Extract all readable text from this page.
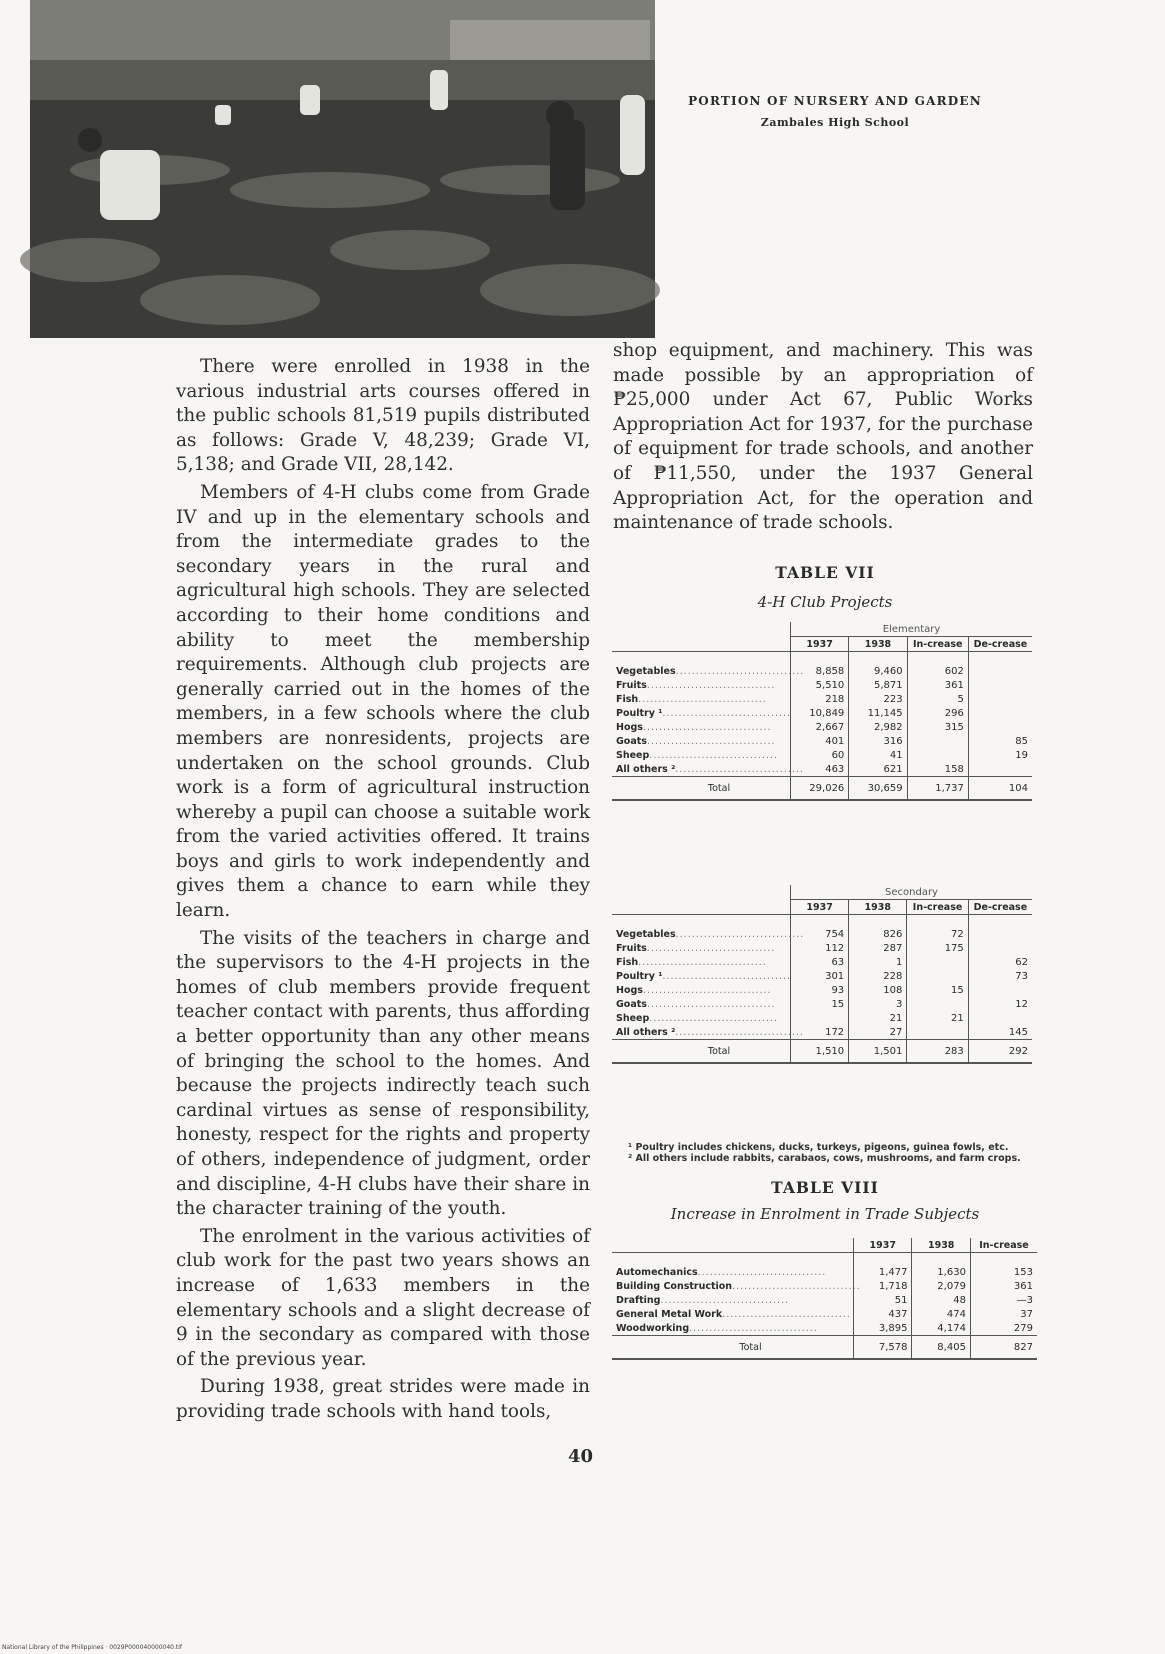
PORTION OF NURSERY AND GARDEN
Zambales High School

There were enrolled in 1938 in the various industrial arts courses offered in the public schools 81,519 pupils distributed as follows: Grade V, 48,239; Grade VI, 5,138; and Grade VII, 28,142.

Members of 4-H clubs come from Grade IV and up in the elementary schools and from the intermediate grades to the secondary years in the rural and agricultural high schools. They are selected according to their home conditions and ability to meet the membership requirements. Although club projects are generally carried out in the homes of the members, in a few schools where the club members are nonresidents, projects are undertaken on the school grounds. Club work is a form of agricultural instruction whereby a pupil can choose a suitable work from the varied activities offered. It trains boys and girls to work independently and gives them a chance to earn while they learn.

The visits of the teachers in charge and the supervisors to the 4-H projects in the homes of club members provide frequent teacher contact with parents, thus affording a better opportunity than any other means of bringing the school to the homes. And because the projects indirectly teach such cardinal virtues as sense of responsibility, honesty, respect for the rights and property of others, independence of judgment, order and discipline, 4-H clubs have their share in the character training of the youth.

The enrolment in the various activities of club work for the past two years shows an increase of 1,633 members in the elementary schools and a slight decrease of 9 in the secondary as compared with those of the previous year.

During 1938, great strides were made in providing trade schools with hand tools,

shop equipment, and machinery. This was made possible by an appropriation of ₱25,000 under Act 67, Public Works Appropriation Act for 1937, for the purchase of equipment for trade schools, and another of ₱11,550, under the 1937 General Appropriation Act, for the operation and maintenance of trade schools.

TABLE VII
4-H Club Projects
	Elementary			
	1937	1938	In-crease	De-crease
Vegetables................................	8,858	9,460	602	
Fruits................................	5,510	5,871	361	
Fish................................	218	223	5	
Poultry ¹................................	10,849	11,145	296	
Hogs................................	2,667	2,982	315	
Goats................................	401	316		85
Sheep................................	60	41		19
All others ²................................	463	621	158	
Total	29,026	30,659	1,737	104
	Secondary			
	1937	1938	In-crease	De-crease
Vegetables................................	754	826	72	
Fruits................................	112	287	175	
Fish................................	63	1		62
Poultry ¹................................	301	228		73
Hogs................................	93	108	15	
Goats................................	15	3		12
Sheep................................		21	21	
All others ²................................	172	27		145
Total	1,510	1,501	283	292

¹ Poultry includes chickens, ducks, turkeys, pigeons, guinea fowls, etc.

² All others include rabbits, carabaos, cows, mushrooms, and farm crops.

TABLE VIII
Increase in Enrolment in Trade Subjects
	1937	1938	In-crease
Automechanics................................	1,477	1,630	153
Building Construction................................	1,718	2,079	361
Drafting................................	51	48	—3
General Metal Work................................	437	474	37
Woodworking................................	3,895	4,174	279
Total	7,578	8,405	827
40
National Library of the Philippines · 0029P000040000040.tif
